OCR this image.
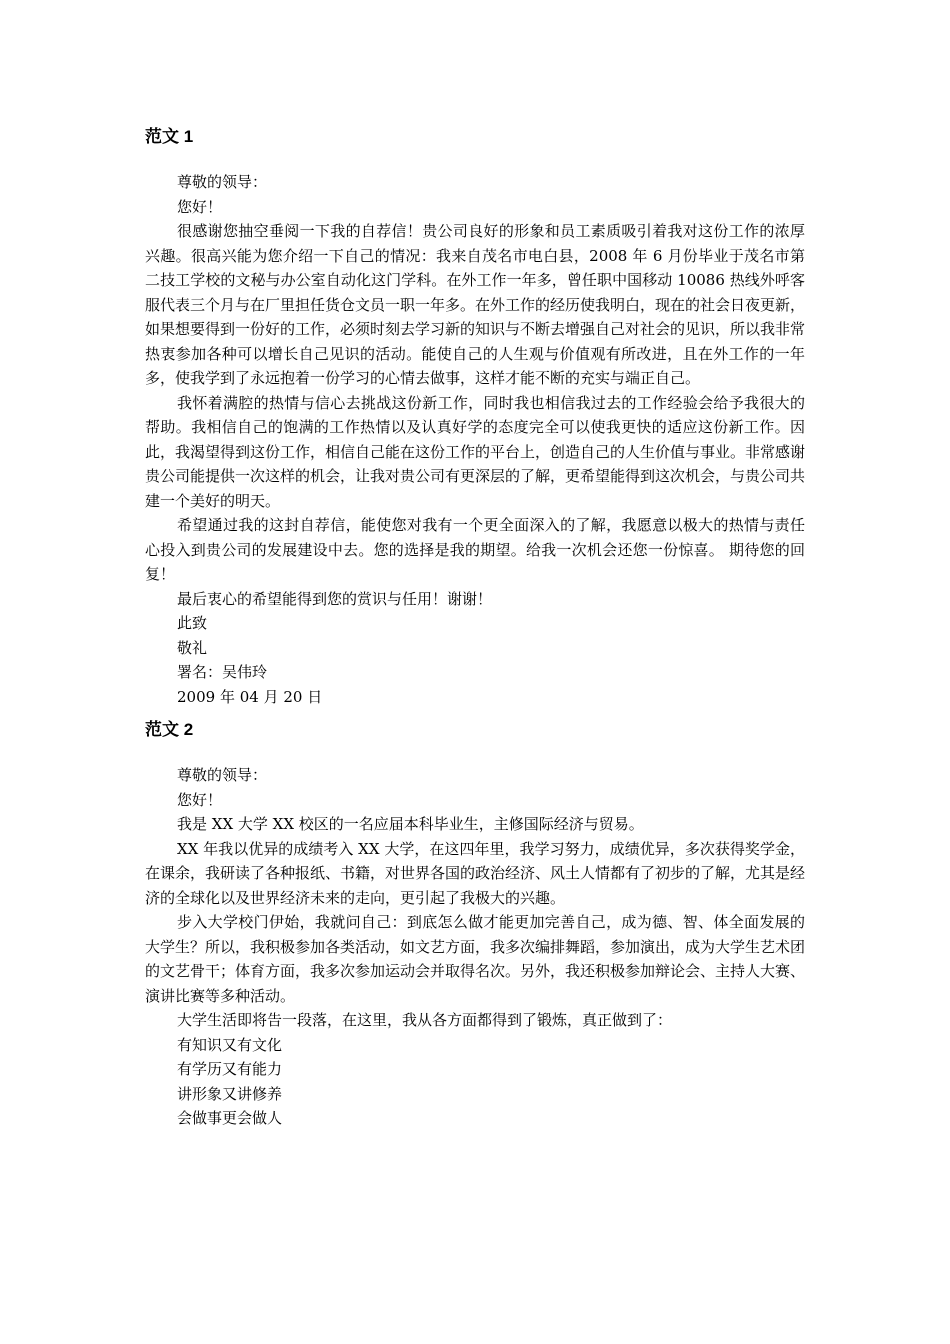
范文 1

尊敬的领导：

您好！

很感谢您抽空垂阅一下我的自荐信！贵公司良好的形象和员工素质吸引着我对这份工作的浓厚兴趣。很高兴能为您介绍一下自己的情况：我来自茂名市电白县，2008 年 6 月份毕业于茂名市第二技工学校的文秘与办公室自动化这门学科。在外工作一年多，曾任职中国移动 10086 热线外呼客服代表三个月与在厂里担任货仓文员一职一年多。在外工作的经历使我明白，现在的社会日夜更新，如果想要得到一份好的工作，必须时刻去学习新的知识与不断去增强自己对社会的见识，所以我非常热衷参加各种可以增长自己见识的活动。能使自己的人生观与价值观有所改进，且在外工作的一年多，使我学到了永远抱着一份学习的心情去做事，这样才能不断的充实与端正自己。

我怀着满腔的热情与信心去挑战这份新工作，同时我也相信我过去的工作经验会给予我很大的帮助。我相信自己的饱满的工作热情以及认真好学的态度完全可以使我更快的适应这份新工作。因此，我渴望得到这份工作，相信自己能在这份工作的平台上，创造自己的人生价值与事业。非常感谢贵公司能提供一次这样的机会，让我对贵公司有更深层的了解，更希望能得到这次机会，与贵公司共建一个美好的明天。

希望通过我的这封自荐信，能使您对我有一个更全面深入的了解，我愿意以极大的热情与责任心投入到贵公司的发展建设中去。您的选择是我的期望。给我一次机会还您一份惊喜。 期待您的回复！

最后衷心的希望能得到您的赏识与任用！谢谢！

此致

敬礼

署名：吴伟玲

2009 年 04 月 20 日

范文 2

尊敬的领导：

您好！

我是 XX 大学 XX 校区的一名应届本科毕业生，主修国际经济与贸易。

XX 年我以优异的成绩考入 XX 大学，在这四年里，我学习努力，成绩优异，多次获得奖学金，在课余，我研读了各种报纸、书籍，对世界各国的政治经济、风土人情都有了初步的了解，尤其是经济的全球化以及世界经济未来的走向，更引起了我极大的兴趣。

步入大学校门伊始，我就问自己：到底怎么做才能更加完善自己，成为德、智、体全面发展的大学生？所以，我积极参加各类活动，如文艺方面，我多次编排舞蹈，参加演出，成为大学生艺术团的文艺骨干；体育方面，我多次参加运动会并取得名次。另外，我还积极参加辩论会、主持人大赛、演讲比赛等多种活动。

大学生活即将告一段落，在这里，我从各方面都得到了锻炼，真正做到了：

有知识又有文化

有学历又有能力

讲形象又讲修养

会做事更会做人
